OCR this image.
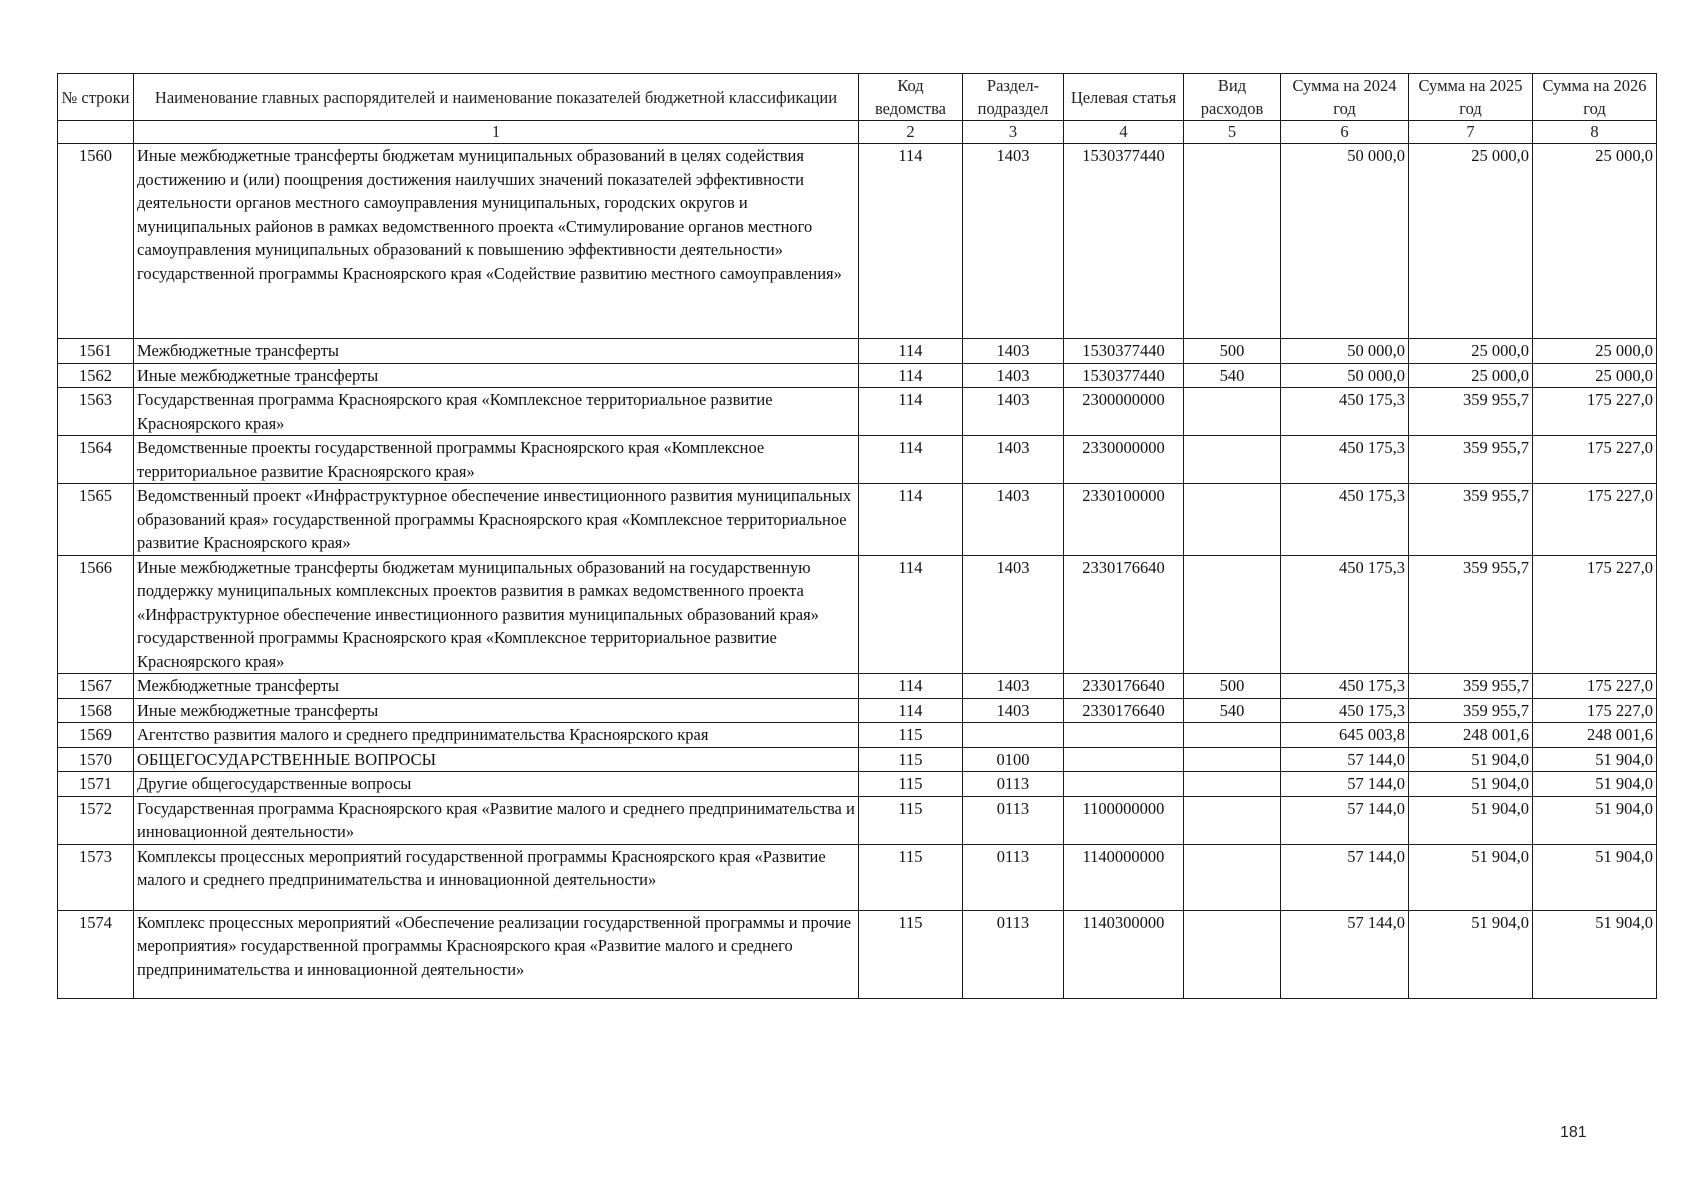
№ строки	Наименование главных распорядителей и наименование показателей бюджетной классификации	Код ведомства	Раздел-подраздел	Целевая статья	Вид расходов	Сумма на 2024 год	Сумма на 2025 год	Сумма на 2026 год
	1	2	3	4	5	6	7	8
1560	Иные межбюджетные трансферты бюджетам муниципальных образований в целях содействия достижению и (или) поощрения достижения наилучших значений показателей эффективности деятельности органов местного самоуправления муниципальных, городских округов и муниципальных районов в рамках ведомственного проекта «Стимулирование органов местного самоуправления муниципальных образований к повышению эффективности деятельности» государственной программы Красноярского края «Содействие развитию местного самоуправления»	114	1403	1530377440		50 000,0	25 000,0	25 000,0
1561	Межбюджетные трансферты	114	1403	1530377440	500	50 000,0	25 000,0	25 000,0
1562	Иные межбюджетные трансферты	114	1403	1530377440	540	50 000,0	25 000,0	25 000,0
1563	Государственная программа Красноярского края «Комплексное территориальное развитие Красноярского края»	114	1403	2300000000		450 175,3	359 955,7	175 227,0
1564	Ведомственные проекты государственной программы Красноярского края «Комплексное территориальное развитие Красноярского края»	114	1403	2330000000		450 175,3	359 955,7	175 227,0
1565	Ведомственный проект «Инфраструктурное обеспечение инвестиционного развития муниципальных образований края» государственной программы Красноярского края «Комплексное территориальное развитие Красноярского края»	114	1403	2330100000		450 175,3	359 955,7	175 227,0
1566	Иные межбюджетные трансферты бюджетам муниципальных образований на государственную поддержку муниципальных комплексных проектов развития в рамках ведомственного проекта «Инфраструктурное обеспечение инвестиционного развития муниципальных образований края» государственной программы Красноярского края «Комплексное территориальное развитие Красноярского края»	114	1403	2330176640		450 175,3	359 955,7	175 227,0
1567	Межбюджетные трансферты	114	1403	2330176640	500	450 175,3	359 955,7	175 227,0
1568	Иные межбюджетные трансферты	114	1403	2330176640	540	450 175,3	359 955,7	175 227,0
1569	Агентство развития малого и среднего предпринимательства Красноярского края	115				645 003,8	248 001,6	248 001,6
1570	ОБЩЕГОСУДАРСТВЕННЫЕ ВОПРОСЫ	115	0100			57 144,0	51 904,0	51 904,0
1571	Другие общегосударственные вопросы	115	0113			57 144,0	51 904,0	51 904,0
1572	Государственная программа Красноярского края «Развитие малого и среднего предпринимательства и инновационной деятельности»	115	0113	1100000000		57 144,0	51 904,0	51 904,0
1573	Комплексы процессных мероприятий государственной программы Красноярского края «Развитие малого и среднего предпринимательства и инновационной деятельности»	115	0113	1140000000		57 144,0	51 904,0	51 904,0
1574	Комплекс процессных мероприятий «Обеспечение реализации государственной программы и прочие мероприятия» государственной программы Красноярского края «Развитие малого и среднего предпринимательства и инновационной деятельности»	115	0113	1140300000		57 144,0	51 904,0	51 904,0
181
